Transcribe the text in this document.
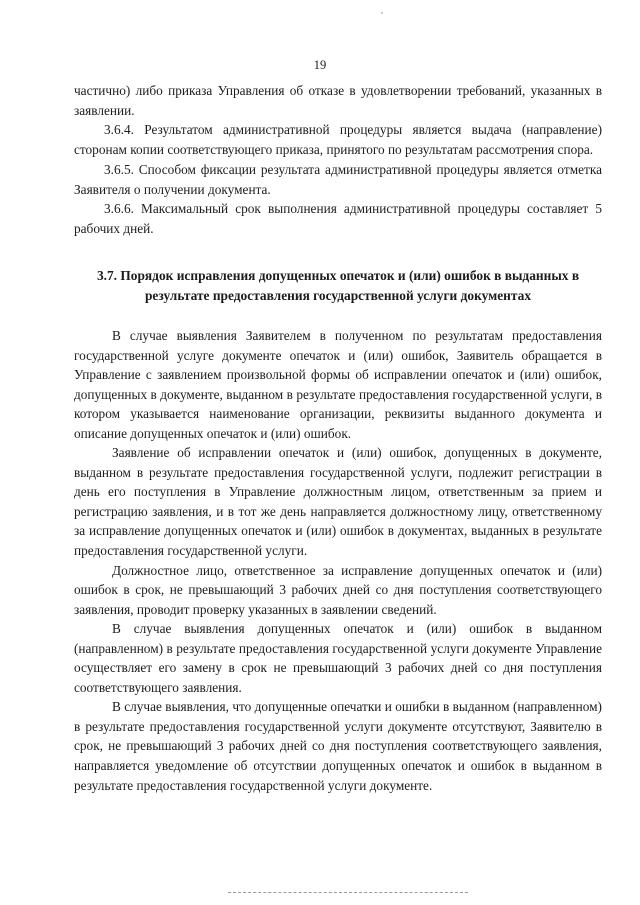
19

частично) либо приказа Управления об отказе в удовлетворении требований, указанных в заявлении.

3.6.4. Результатом административной процедуры является выдача (направление) сторонам копии соответствующего приказа, принятого по результатам рассмотрения спора.

3.6.5. Способом фиксации результата административной процедуры является отметка Заявителя о получении документа.

3.6.6. Максимальный срок выполнения административной процедуры составляет 5 рабочих дней.

3.7. Порядок исправления допущенных опечаток и (или) ошибок в выданных в результате предоставления государственной услуги документах

В случае выявления Заявителем в полученном по результатам предоставления государственной услуге документе опечаток и (или) ошибок, Заявитель обращается в Управление с заявлением произвольной формы об исправлении опечаток и (или) ошибок, допущенных в документе, выданном в результате предоставления государственной услуги, в котором указывается наименование организации, реквизиты выданного документа и описание допущенных опечаток и (или) ошибок.

Заявление об исправлении опечаток и (или) ошибок, допущенных в документе, выданном в результате предоставления государственной услуги, подлежит регистрации в день его поступления в Управление должностным лицом, ответственным за прием и регистрацию заявления, и в тот же день направляется должностному лицу, ответственному за исправление допущенных опечаток и (или) ошибок в документах, выданных в результате предоставления государственной услуги.

Должностное лицо, ответственное за исправление допущенных опечаток и (или) ошибок в срок, не превышающий 3 рабочих дней со дня поступления соответствующего заявления, проводит проверку указанных в заявлении сведений.

В случае выявления допущенных опечаток и (или) ошибок в выданном (направленном) в результате предоставления государственной услуги документе Управление осуществляет его замену в срок не превышающий 3 рабочих дней со дня поступления соответствующего заявления.

В случае выявления, что допущенные опечатки и ошибки в выданном (направленном) в результате предоставления государственной услуги документе отсутствуют, Заявителю в срок, не превышающий 3 рабочих дней со дня поступления соответствующего заявления, направляется уведомление об отсутствии допущенных опечаток и ошибок в выданном в результате предоставления государственной услуги документе.
